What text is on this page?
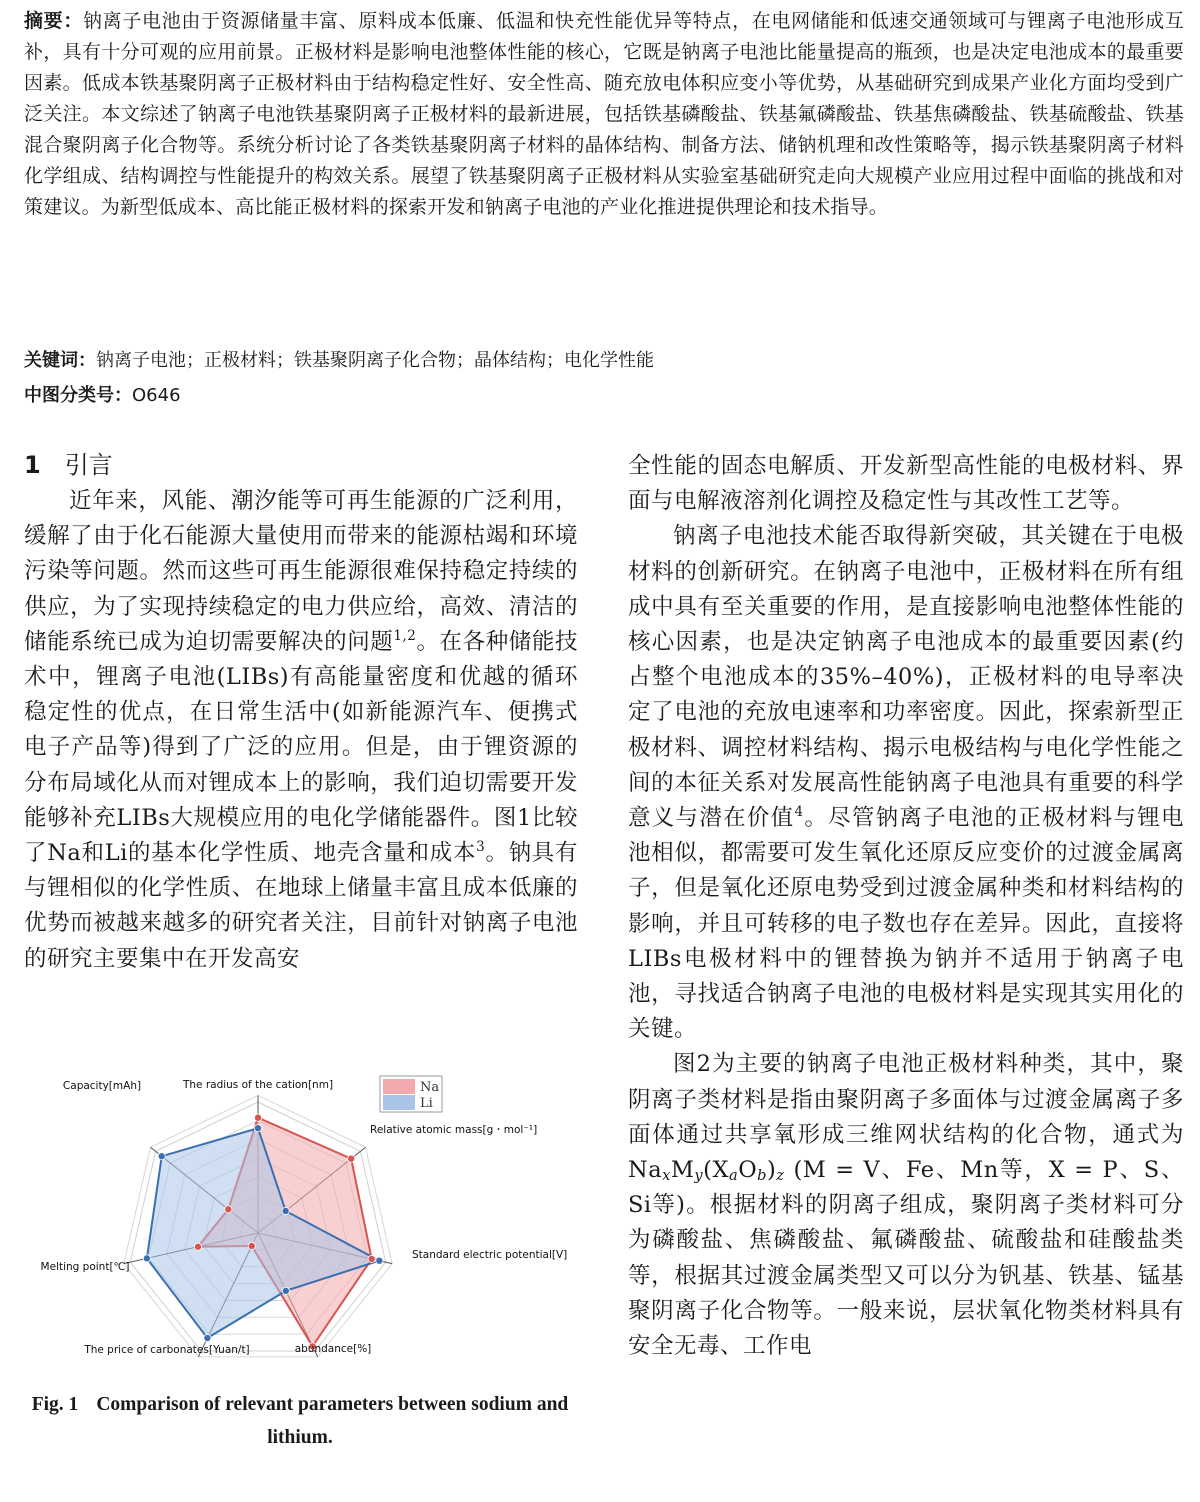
摘要：钠离子电池由于资源储量丰富、原料成本低廉、低温和快充性能优异等特点，在电网储能和低速交通领域可与锂离子电池形成互补，具有十分可观的应用前景。正极材料是影响电池整体性能的核心，它既是钠离子电池比能量提高的瓶颈，也是决定电池成本的最重要因素。低成本铁基聚阴离子正极材料由于结构稳定性好、安全性高、随充放电体积应变小等优势，从基础研究到成果产业化方面均受到广泛关注。本文综述了钠离子电池铁基聚阴离子正极材料的最新进展，包括铁基磷酸盐、铁基氟磷酸盐、铁基焦磷酸盐、铁基硫酸盐、铁基混合聚阴离子化合物等。系统分析讨论了各类铁基聚阴离子材料的晶体结构、制备方法、储钠机理和改性策略等，揭示铁基聚阴离子材料化学组成、结构调控与性能提升的构效关系。展望了铁基聚阴离子正极材料从实验室基础研究走向大规模产业应用过程中面临的挑战和对策建议。为新型低成本、高比能正极材料的探索开发和钠离子电池的产业化推进提供理论和技术指导。
关键词：钠离子电池；正极材料；铁基聚阴离子化合物；晶体结构；电化学性能
中图分类号：O646
1 引言

近年来，风能、潮汐能等可再生能源的广泛利用，缓解了由于化石能源大量使用而带来的能源枯竭和环境污染等问题。然而这些可再生能源很难保持稳定持续的供应，为了实现持续稳定的电力供应给，高效、清洁的储能系统已成为迫切需要解决的问题$^{1,2}$。在各种储能技术中，锂离子电池(LIBs)有高能量密度和优越的循环稳定性的优点，在日常生活中(如新能源汽车、便携式电子产品等)得到了广泛的应用。但是，由于锂资源的分布局域化从而对锂成本上的影响，我们迫切需要开发能够补充LIBs大规模应用的电化学储能器件。图1比较了Na和Li的基本化学性质、地壳含量和成本$^3$。钠具有与锂相似的化学性质、在地球上储量丰富且成本低廉的优势而被越来越多的研究者关注，目前针对钠离子电池的研究主要集中在开发高安

The radius of the cation[nm]
Relative atomic mass[g・mol⁻¹]
Standard electric potential[V]
abundance[%]
The price of carbonates[Yuan/t]
Melting point[℃]
Capacity[mAh]	Na
Li
Fig. 1 Comparison of relevant parameters between sodium and lithium.

全性能的固态电解质、开发新型高性能的电极材料、界面与电解液溶剂化调控及稳定性与其改性工艺等。

钠离子电池技术能否取得新突破，其关键在于电极材料的创新研究。在钠离子电池中，正极材料在所有组成中具有至关重要的作用，是直接影响电池整体性能的核心因素，也是决定钠离子电池成本的最重要因素(约占整个电池成本的35%–40%)，正极材料的电导率决定了电池的充放电速率和功率密度。因此，探索新型正极材料、调控材料结构、揭示电极结构与电化学性能之间的本征关系对发展高性能钠离子电池具有重要的科学意义与潜在价值$^4$。尽管钠离子电池的正极材料与锂电池相似，都需要可发生氧化还原反应变价的过渡金属离子，但是氧化还原电势受到过渡金属种类和材料结构的影响，并且可转移的电子数也存在差异。因此，直接将LIBs电极材料中的锂替换为钠并不适用于钠离子电池，寻找适合钠离子电池的电极材料是实现其实用化的关键。

图2为主要的钠离子电池正极材料种类，其中，聚阴离子类材料是指由聚阴离子多面体与过渡金属离子多面体通过共享氧形成三维网状结构的化合物，通式为$Na_xM_y(X_aO_b)_z$ (M = V、Fe、Mn等，X = P、S、Si等)。根据材料的阴离子组成，聚阴离子类材料可分为磷酸盐、焦磷酸盐、氟磷酸盐、硫酸盐和硅酸盐类等，根据其过渡金属类型又可以分为钒基、铁基、锰基聚阴离子化合物等。一般来说，层状氧化物类材料具有安全无毒、工作电
